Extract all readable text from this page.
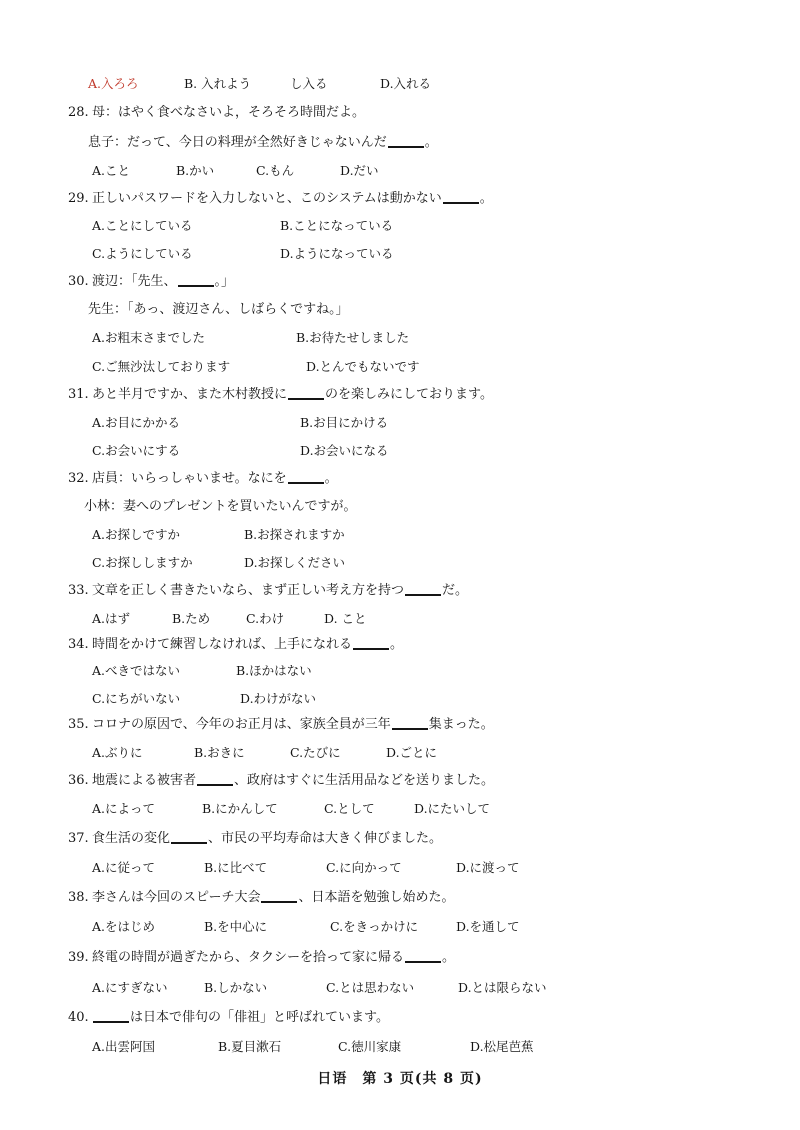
A.入ろろ	B. 入れよう	し入る	D.入れる
28. 母：はやく食べなさいよ，そろそろ時間だよ。
息子：だって、今日の料理が全然好きじゃないんだ	。
A.こと	B.かい	C.もん	D.だい
29. 正しいパスワードを入力しないと、このシステムは動かない	。
A.ことにしている	B.ことになっている
C.ようにしている	D.ようになっている
30. 渡辺：「先生、	。」
先生：「あっ、渡辺さん、しばらくですね。」
A.お粗末さまでした	B.お待たせしました
C.ご無沙汰しております	D.とんでもないです
31. あと半月ですか、また木村教授に	のを楽しみにしております。
A.お目にかかる	B.お目にかける
C.お会いにする	D.お会いになる
32. 店員：いらっしゃいませ。なにを	。
小林：妻へのプレゼントを買いたいんですが。
A.お探しですか	B.お探されますか
C.お探ししますか	D.お探しください
33. 文章を正しく書きたいなら、まず正しい考え方を持つ	だ。
A.はず	B.ため	C.わけ	D. こと
34. 時間をかけて練習しなければ、上手になれる	。
A.べきではない	B.ほかはない
C.にちがいない	D.わけがない
35. コロナの原因で、今年のお正月は、家族全員が三年	集まった。
A.ぶりに	B.おきに	C.たびに	D.ごとに
36. 地震による被害者	、政府はすぐに生活用品などを送りました。
A.によって	B.にかんして	C.として	D.にたいして
37. 食生活の変化	、市民の平均寿命は大きく伸びました。
A.に従って	B.に比べて	C.に向かって	D.に渡って
38. 李さんは今回のスピーチ大会	、日本語を勉強し始めた。
A.をはじめ	B.を中心に	C.をきっかけに	D.を通して
39. 終電の時間が過ぎたから、タクシーを拾って家に帰る	。
A.にすぎない	B.しかない	C.とは思わない	D.とは限らない
40.	は日本で俳句の「俳祖」と呼ばれています。
A.出雲阿国	B.夏目漱石	C.徳川家康	D.松尾芭蕉
日语　第 3 页(共 8 页)
